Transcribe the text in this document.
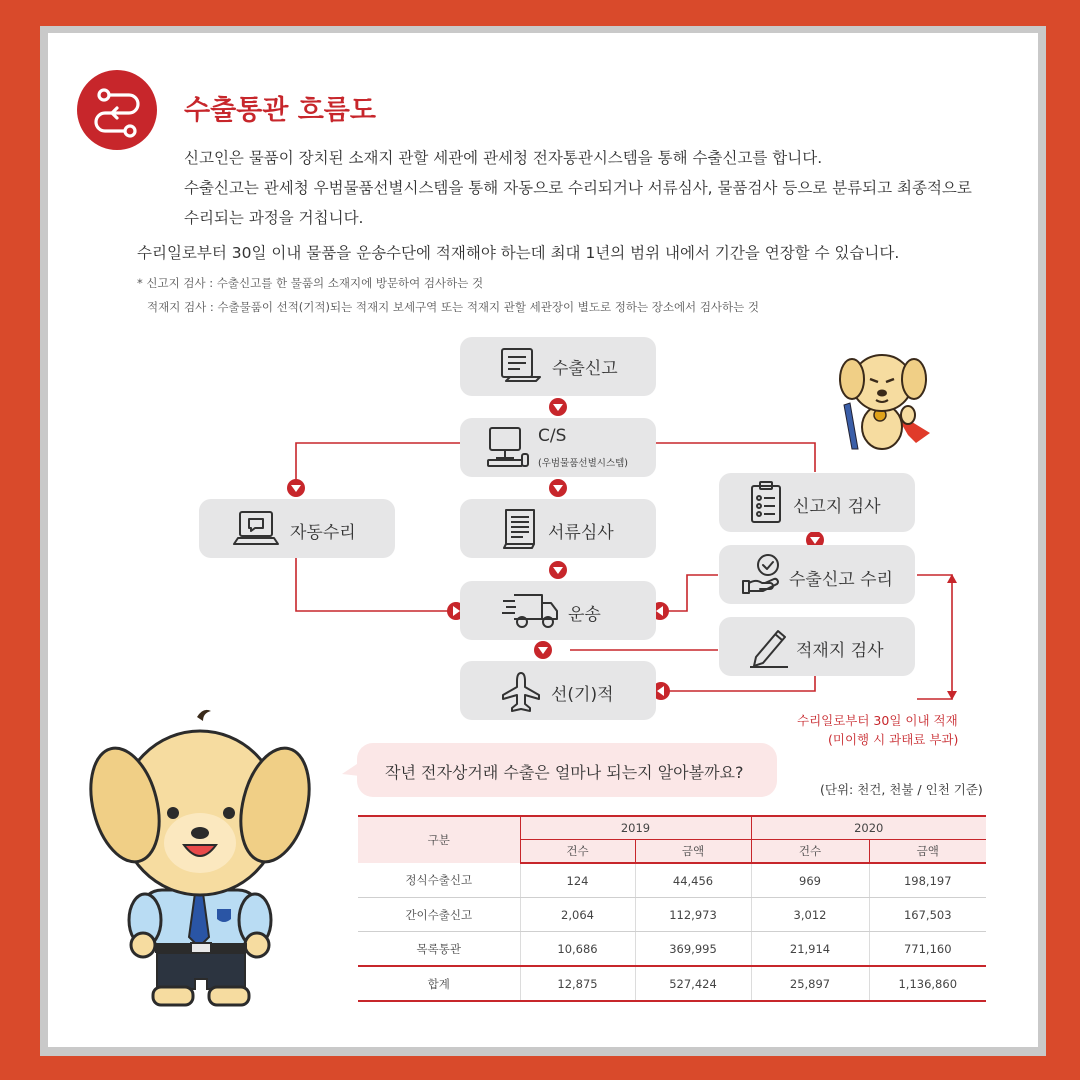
수출통관 흐름도

신고인은 물품이 장치된 소재지 관할 세관에 관세청 전자통관시스템을 통해 수출신고를 합니다.

수출신고는 관세청 우범물품선별시스템을 통해 자동으로 수리되거나 서류심사, 물품검사 등으로 분류되고 최종적으로

수리되는 과정을 거칩니다.

수리일로부터 30일 이내 물품을 운송수단에 적재해야 하는데 최대 1년의 범위 내에서 기간을 연장할 수 있습니다.

* 신고지 검사 : 수출신고를 한 물품의 소재지에 방문하여 검사하는 것

적재지 검사 : 수출물품이 선적(기적)되는 적재지 보세구역 또는 적재지 관할 세관장이 별도로 정하는 장소에서 검사하는 것

수출신고
C/S
(우범물품선별시스템)
자동수리	서류심사
신고지 검사
수출신고 수리
운송
적재지 검사
선(기)적
수리일로부터 30일 이내 적재
(미이행 시 과태료 부과)
작년 전자상거래 수출은 얼마나 되는지 알아볼까요?
(단위: 천건, 천불 / 인천 기준)
구분	2019		2020	
	건수	금액	건수	금액
정식수출신고	124	44,456	969	198,197
간이수출신고	2,064	112,973	3,012	167,503
목록통관	10,686	369,995	21,914	771,160
합계	12,875	527,424	25,897	1,136,860
